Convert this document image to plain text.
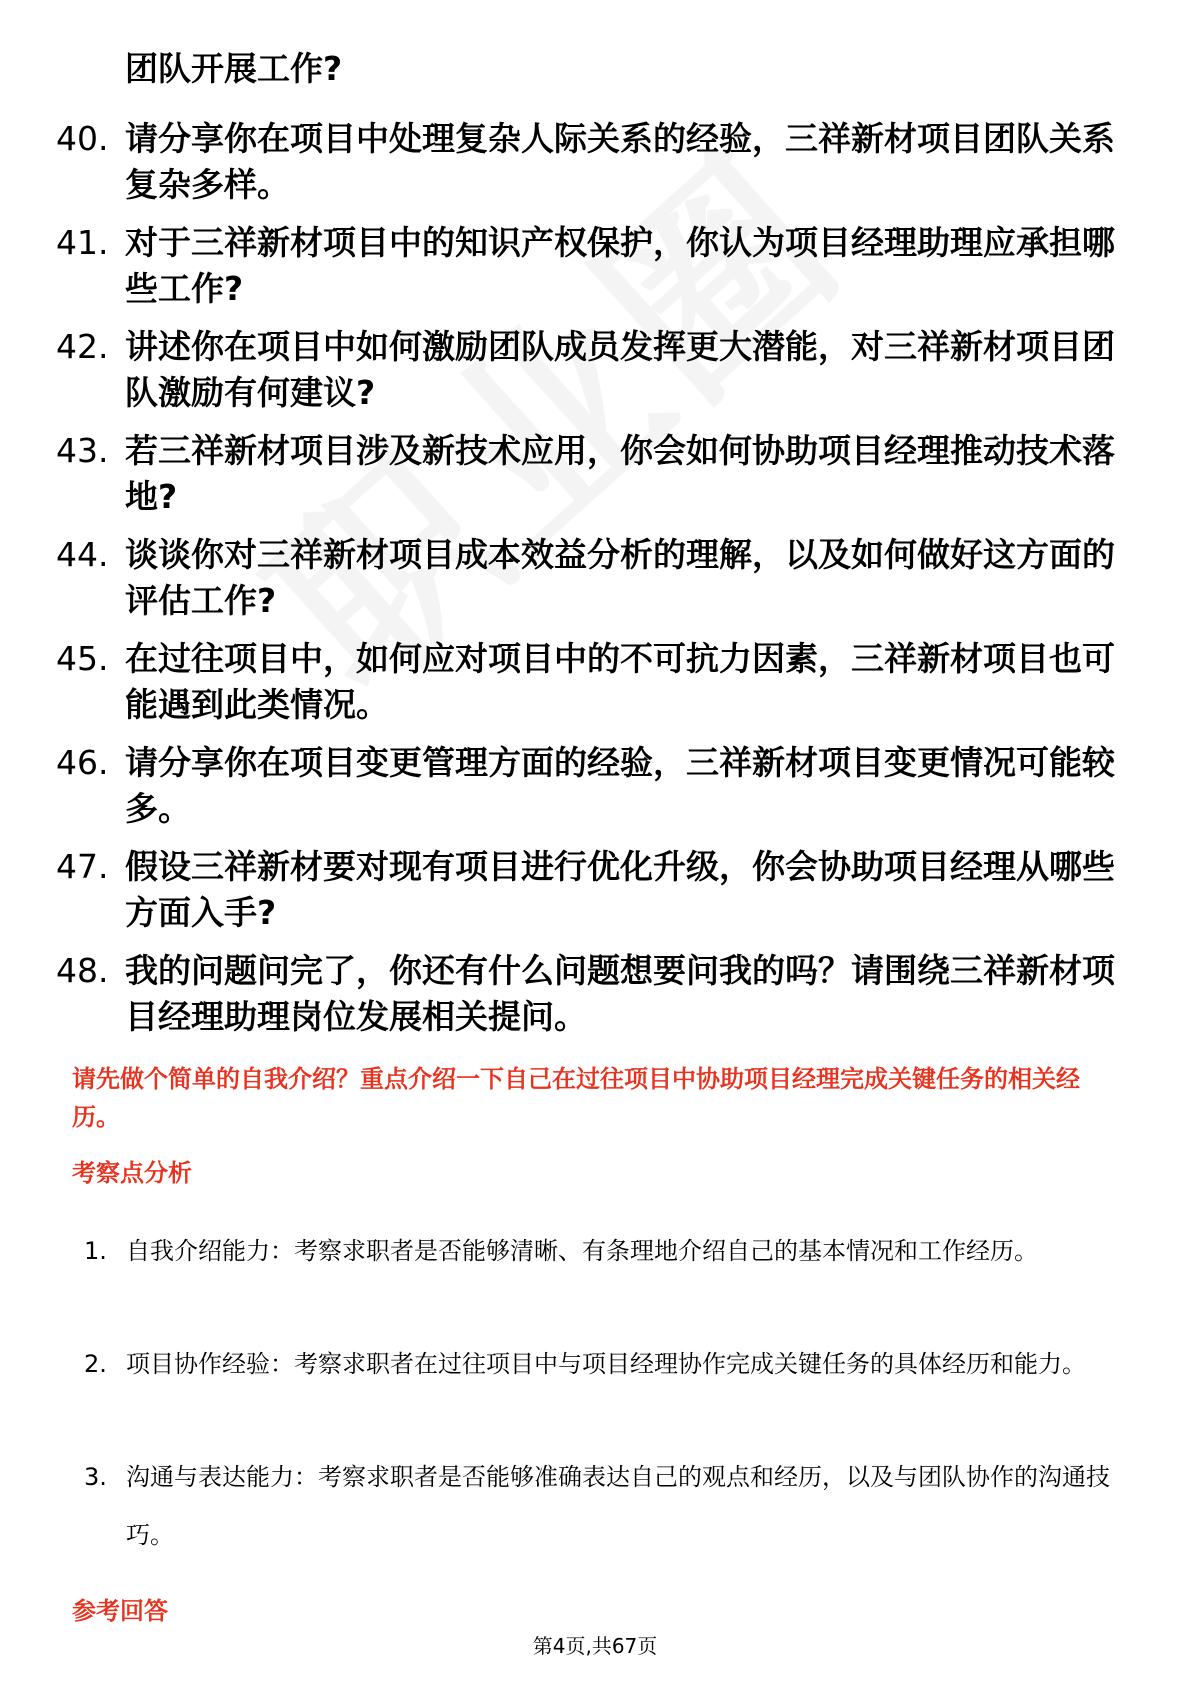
团队开展工作?

40. 请分享你在项目中处理复杂人际关系的经验，三祥新材项目团队关系复杂多样。
41. 对于三祥新材项目中的知识产权保护，你认为项目经理助理应承担哪些工作?
42. 讲述你在项目中如何激励团队成员发挥更大潜能，对三祥新材项目团队激励有何建议?
43. 若三祥新材项目涉及新技术应用，你会如何协助项目经理推动技术落地?
44. 谈谈你对三祥新材项目成本效益分析的理解，以及如何做好这方面的评估工作?
45. 在过往项目中，如何应对项目中的不可抗力因素，三祥新材项目也可能遇到此类情况。
46. 请分享你在项目变更管理方面的经验，三祥新材项目变更情况可能较多。
47. 假设三祥新材要对现有项目进行优化升级，你会协助项目经理从哪些方面入手?
48. 我的问题问完了，你还有什么问题想要问我的吗？请围绕三祥新材项目经理助理岗位发展相关提问。
请先做个简单的自我介绍？重点介绍一下自己在过往项目中协助项目经理完成关键任务的相关经历。
考察点分析
1. 自我介绍能力：考察求职者是否能够清晰、有条理地介绍自己的基本情况和工作经历。
2. 项目协作经验：考察求职者在过往项目中与项目经理协作完成关键任务的具体经历和能力。
3. 沟通与表达能力：考察求职者是否能够准确表达自己的观点和经历，以及与团队协作的沟通技巧。
参考回答
第4页,共67页
